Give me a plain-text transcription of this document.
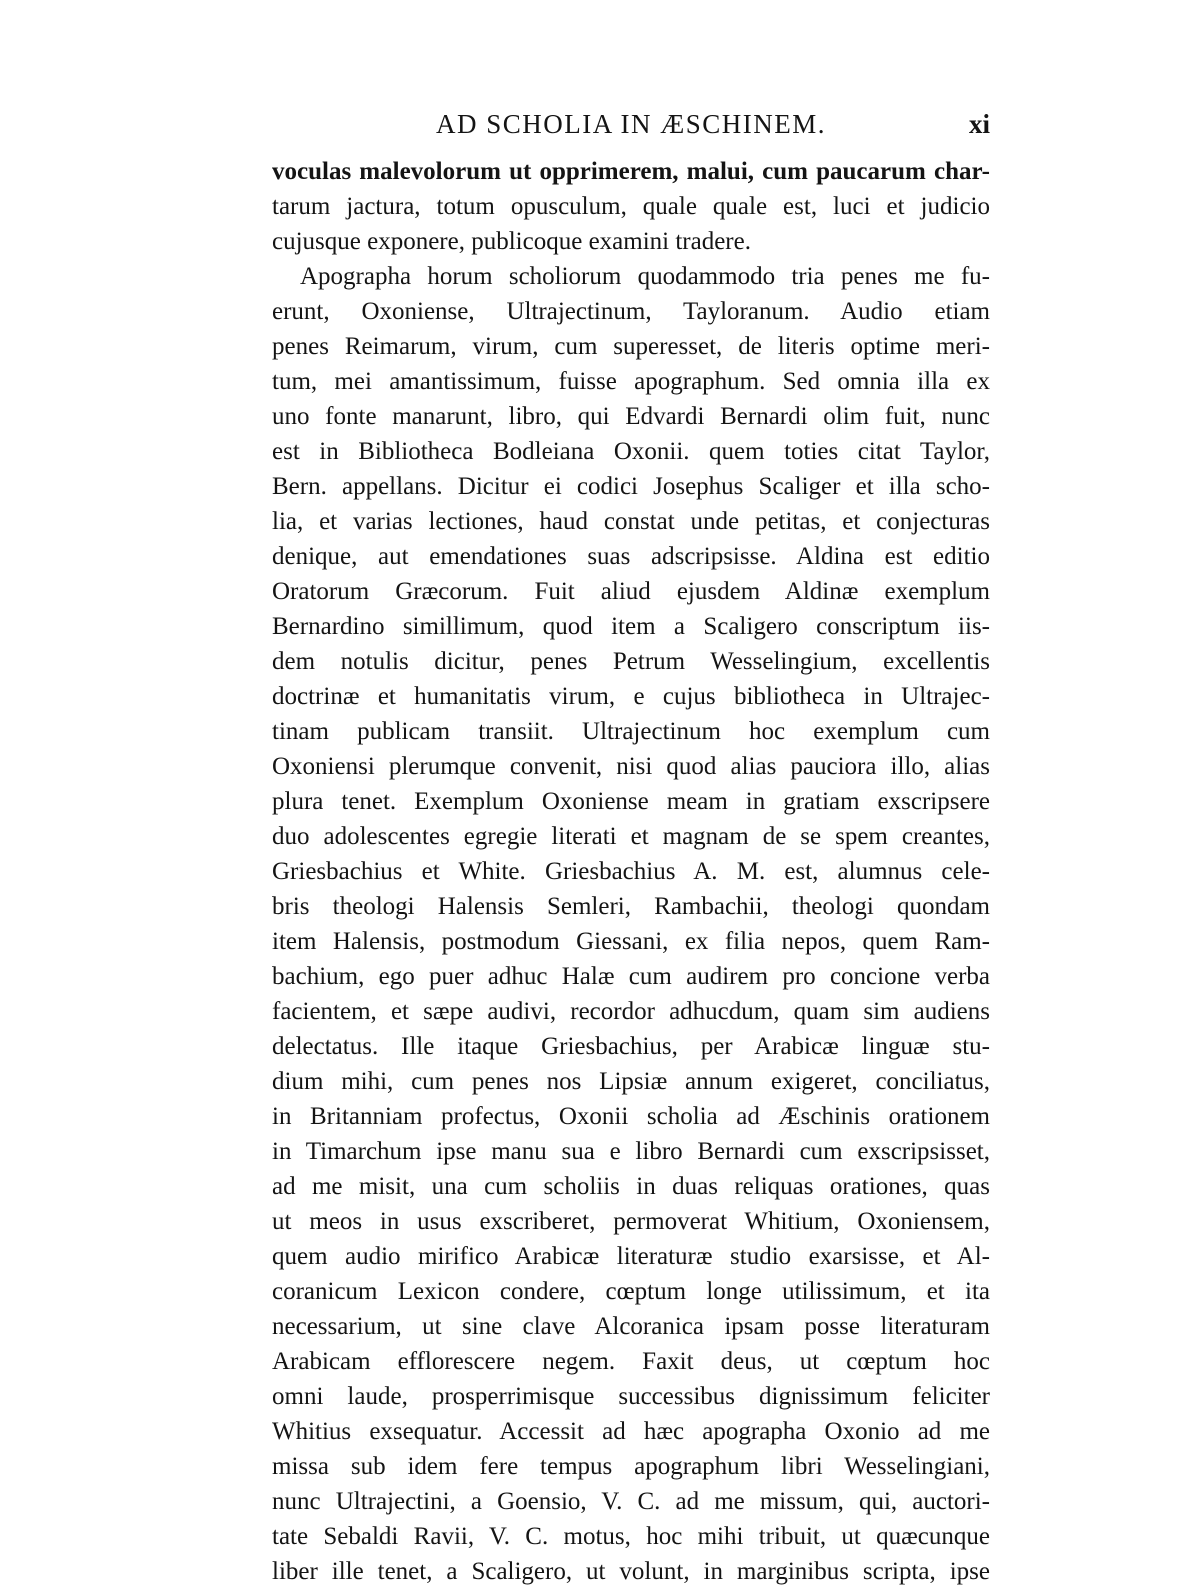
AD SCHOLIA IN ÆSCHINEM.	xi
voculas malevolorum ut opprimerem, malui, cum paucarum char-
tarum jactura, totum opusculum, quale quale est, luci et judicio
cujusque exponere, publicoque examini tradere.
Apographa horum scholiorum quodammodo tria penes me fu-
erunt, Oxoniense, Ultrajectinum, Tayloranum. Audio etiam
penes Reimarum, virum, cum superesset, de literis optime meri-
tum, mei amantissimum, fuisse apographum. Sed omnia illa ex
uno fonte manarunt, libro, qui Edvardi Bernardi olim fuit, nunc
est in Bibliotheca Bodleiana Oxonii. quem toties citat Taylor,
Bern. appellans. Dicitur ei codici Josephus Scaliger et illa scho-
lia, et varias lectiones, haud constat unde petitas, et conjecturas
denique, aut emendationes suas adscripsisse. Aldina est editio
Oratorum Græcorum. Fuit aliud ejusdem Aldinæ exemplum
Bernardino simillimum, quod item a Scaligero conscriptum iis-
dem notulis dicitur, penes Petrum Wesselingium, excellentis
doctrinæ et humanitatis virum, e cujus bibliotheca in Ultrajec-
tinam publicam transiit. Ultrajectinum hoc exemplum cum
Oxoniensi plerumque convenit, nisi quod alias pauciora illo, alias
plura tenet. Exemplum Oxoniense meam in gratiam exscripsere
duo adolescentes egregie literati et magnam de se spem creantes,
Griesbachius et White. Griesbachius A. M. est, alumnus cele-
bris theologi Halensis Semleri, Rambachii, theologi quondam
item Halensis, postmodum Giessani, ex filia nepos, quem Ram-
bachium, ego puer adhuc Halæ cum audirem pro concione verba
facientem, et sæpe audivi, recordor adhucdum, quam sim audiens
delectatus. Ille itaque Griesbachius, per Arabicæ linguæ stu-
dium mihi, cum penes nos Lipsiæ annum exigeret, conciliatus,
in Britanniam profectus, Oxonii scholia ad Æschinis orationem
in Timarchum ipse manu sua e libro Bernardi cum exscripsisset,
ad me misit, una cum scholiis in duas reliquas orationes, quas
ut meos in usus exscriberet, permoverat Whitium, Oxoniensem,
quem audio mirifico Arabicæ literaturæ studio exarsisse, et Al-
coranicum Lexicon condere, cœptum longe utilissimum, et ita
necessarium, ut sine clave Alcoranica ipsam posse literaturam
Arabicam efflorescere negem. Faxit deus, ut cœptum hoc
omni laude, prosperrimisque successibus dignissimum feliciter
Whitius exsequatur. Accessit ad hæc apographa Oxonio ad me
missa sub idem fere tempus apographum libri Wesselingiani,
nunc Ultrajectini, a Goensio, V. C. ad me missum, qui, auctori-
tate Sebaldi Ravii, V. C. motus, hoc mihi tribuit, ut quæcunque
liber ille tenet, a Scaligero, ut volunt, in marginibus scripta, ipse
